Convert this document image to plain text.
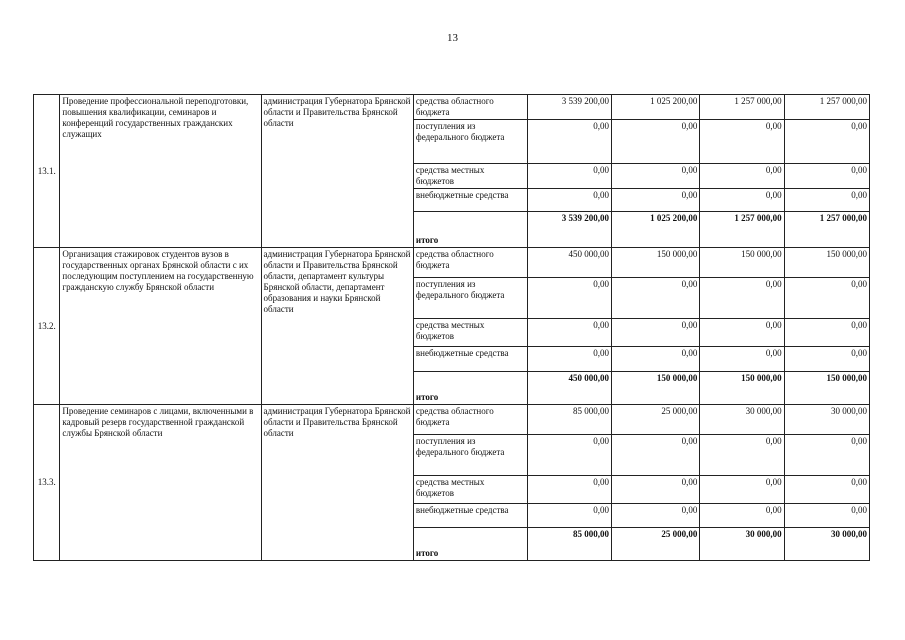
13
13.1.	Проведение профессиональной переподготовки, повышения квалификации, семинаров и конференций государственных гражданских служащих	администрация Губернатора Брянской области и Правительства Брянской области	средства областного бюджета	3 539 200,00	1 025 200,00	1 257 000,00	1 257 000,00
			поступления из федерального бюджета	0,00	0,00	0,00	0,00
			средства местных бюджетов	0,00	0,00	0,00	0,00
			внебюджетные средства	0,00	0,00	0,00	0,00
			итого	3 539 200,00	1 025 200,00	1 257 000,00	1 257 000,00
13.2.	Организация стажировок студентов вузов в государственных органах Брянской области с их последующим поступлением на государственную гражданскую службу Брянской области	администрация Губернатора Брянской области и Правительства Брянской области, департамент культуры Брянской области, департамент образования и науки Брянской области	средства областного бюджета	450 000,00	150 000,00	150 000,00	150 000,00
			поступления из федерального бюджета	0,00	0,00	0,00	0,00
			средства местных бюджетов	0,00	0,00	0,00	0,00
			внебюджетные средства	0,00	0,00	0,00	0,00
			итого	450 000,00	150 000,00	150 000,00	150 000,00
13.3.	Проведение семинаров с лицами, включенными в кадровый резерв государственной гражданской службы Брянской области	администрация Губернатора Брянской области и Правительства Брянской области	средства областного бюджета	85 000,00	25 000,00	30 000,00	30 000,00
			поступления из федерального бюджета	0,00	0,00	0,00	0,00
			средства местных бюджетов	0,00	0,00	0,00	0,00
			внебюджетные средства	0,00	0,00	0,00	0,00
			итого	85 000,00	25 000,00	30 000,00	30 000,00
